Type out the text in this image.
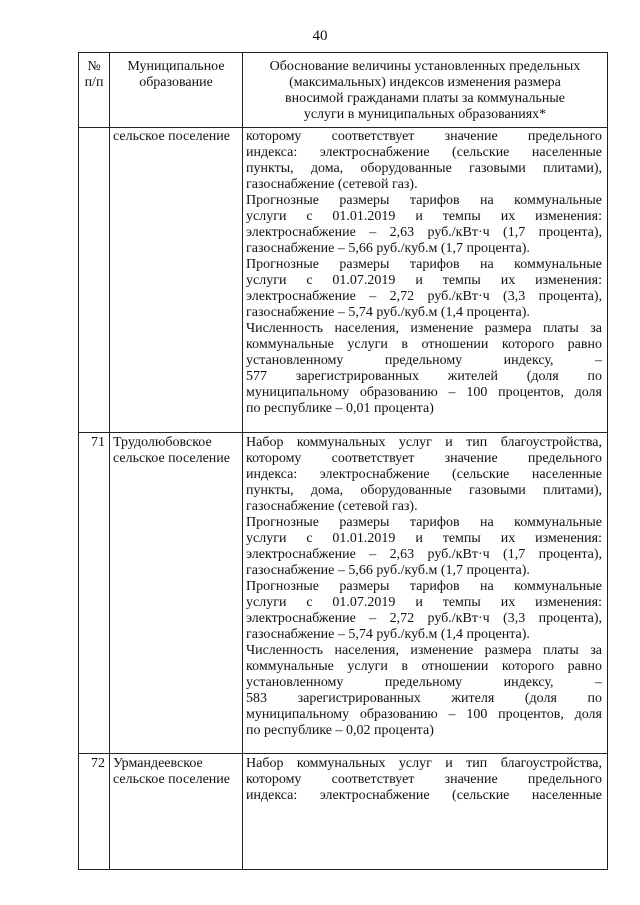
40
№
п/п
Муниципальное
образование
Обоснование величины установленных предельных
(максимальных) индексов изменения размера
вносимой гражданами платы за коммунальные
услуги в муниципальных образованиях*
сельское поселение	которому соответствует значение предельного
индекса: электроснабжение (сельские населенные
пункты, дома, оборудованные газовыми плитами),
газоснабжение (сетевой газ).
Прогнозные размеры тарифов на коммунальные
услуги с 01.01.2019 и темпы их изменения:
электроснабжение – 2,63 руб./кВт·ч (1,7 процента),
газоснабжение – 5,66 руб./куб.м (1,7 процента).
Прогнозные размеры тарифов на коммунальные
услуги с 01.07.2019 и темпы их изменения:
электроснабжение – 2,72 руб./кВт·ч (3,3 процента),
газоснабжение – 5,74 руб./куб.м (1,4 процента).
Численность населения, изменение размера платы за
коммунальные услуги в отношении которого равно
установленному предельному индексу, –
577 зарегистрированных жителей (доля по
муниципальному образованию – 100 процентов, доля
по республике – 0,01 процента)
71 Трудолюбовское
сельское поселение
Набор коммунальных услуг и тип благоустройства,
которому соответствует значение предельного
индекса: электроснабжение (сельские населенные
пункты, дома, оборудованные газовыми плитами),
газоснабжение (сетевой газ).
Прогнозные размеры тарифов на коммунальные
услуги с 01.01.2019 и темпы их изменения:
электроснабжение – 2,63 руб./кВт·ч (1,7 процента),
газоснабжение – 5,66 руб./куб.м (1,7 процента).
Прогнозные размеры тарифов на коммунальные
услуги с 01.07.2019 и темпы их изменения:
электроснабжение – 2,72 руб./кВт·ч (3,3 процента),
газоснабжение – 5,74 руб./куб.м (1,4 процента).
Численность населения, изменение размера платы за
коммунальные услуги в отношении которого равно
установленному предельному индексу, –
583 зарегистрированных жителя (доля по
муниципальному образованию – 100 процентов, доля
по республике – 0,02 процента)
72 Урмандеевское
сельское поселение
Набор коммунальных услуг и тип благоустройства,
которому соответствует значение предельного
индекса: электроснабжение (сельские населенные
